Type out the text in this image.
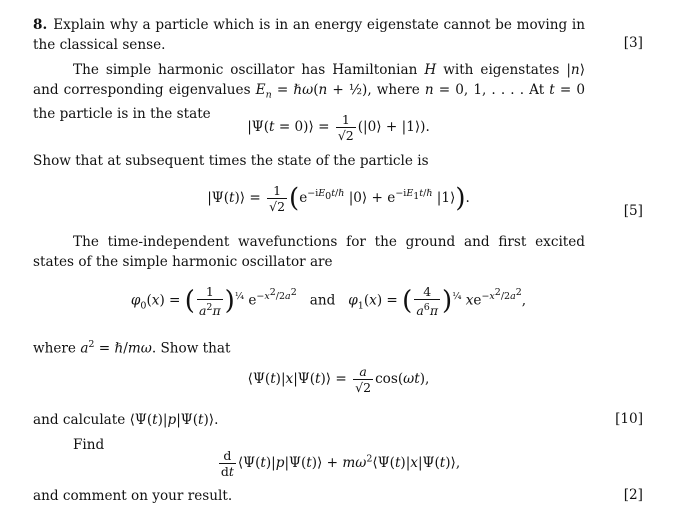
8. Explain why a particle which is in an energy eigenstate cannot be moving in the classical sense.	[3]
The simple harmonic oscillator has Hamiltonian H with eigenstates |n⟩ and corresponding eigenvalues $E_n$ = ℏω(n + ½), where n = 0, 1, . . . . At t = 0 the particle is in the state
|Ψ(t = 0)⟩ = $\frac{1}{√2}$ (|0⟩ + |1⟩).
Show that at subsequent times the state of the particle is
|Ψ(t)⟩ = $\frac{1}{√2} (e^{-iE_0t/\hbar}$ |0⟩ + $e^{-iE_1t/\hbar}$ |1⟩).
[5]
The time-independent wavefunctions for the ground and first excited states of the simple harmonic oscillator are
$\varphi_0(x)$ = ( $\frac{1}{a^2\pi} )^{\frac{1}{4}}$ $e^{-x^2/2a^2}$   and   $\varphi_1(x)$ = ( $\frac{4}{a^6\pi} )^{\frac{1}{4}}$ $xe^{-x^2/2a^2}$,
where $a^2$ = ℏ/mω. Show that
⟨Ψ(t)|x|Ψ(t)⟩ = $\frac{a}{√2} \cos(\omega t)$,
and calculate ⟨Ψ(t)|p|Ψ(t)⟩.	[10]
Find
$\frac{d}{dt}$ ⟨Ψ(t)|p|Ψ(t)⟩ + $m\omega^2⟨\Psi(t)|x|\Psi(t)⟩$,
and comment on your result.	[2]
